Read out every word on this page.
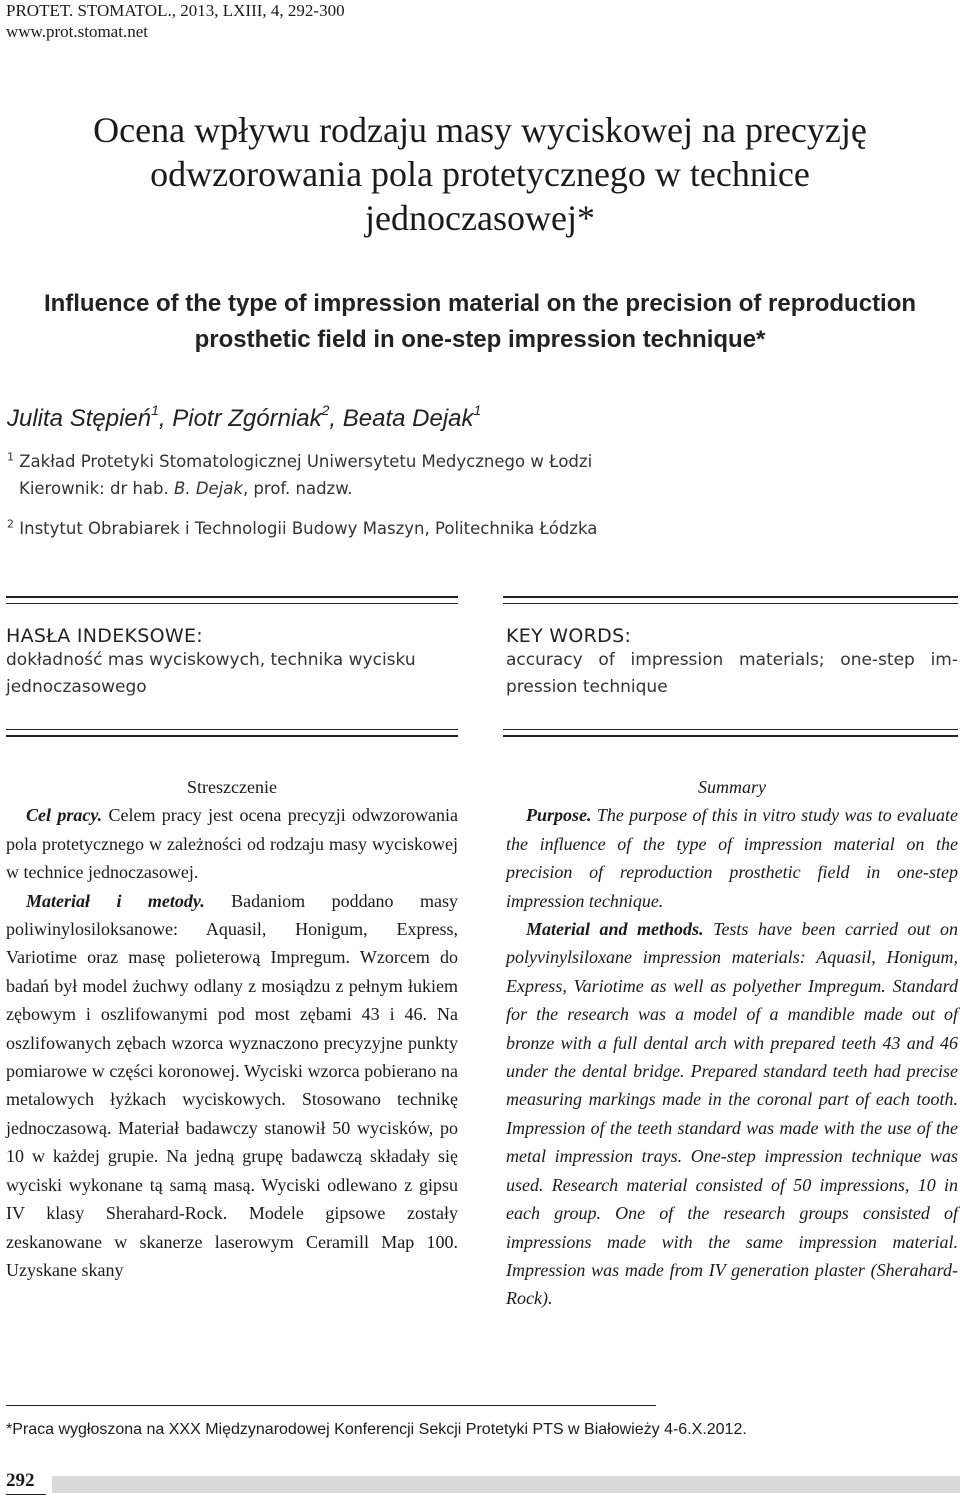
PROTET. STOMATOL., 2013, LXIII, 4, 292-300
www.prot.stomat.net
Ocena wpływu rodzaju masy wyciskowej na precyzję
odwzorowania pola protetycznego w technice
jednoczasowej*
Influence of the type of impression material on the precision of reproduction
prosthetic field in one-step impression technique*
Julita Stępień$^1$, Piotr Zgórniak$^2$, Beata Dejak$^1$
$^1$ Zakład Protetyki Stomatologicznej Uniwersytetu Medycznego w Łodzi
Kierownik: dr hab. B. Dejak, prof. nadzw.
$^2$ Instytut Obrabiarek i Technologii Budowy Maszyn, Politechnika Łódzka
HASŁA INDEKSOWE:
dokładność mas wyciskowych, technika wycisku
jednoczasowego
KEY WORDS:
accuracy of impression materials; one-step im-
pression technique

Streszczenie

Cel pracy. Celem pracy jest ocena precyzji odwzorowania pola protetycznego w zależności od rodzaju masy wyciskowej w technice jednoczasowej.

Materiał i metody. Badaniom poddano masy poliwinylosiloksanowe: Aquasil, Honigum, Express, Variotime oraz masę polieterową Impregum. Wzorcem do badań był model żuchwy odlany z mosiądzu z pełnym łukiem zębowym i oszlifowanymi pod most zębami 43 i 46. Na oszlifowanych zębach wzorca wyznaczono precyzyjne punkty pomiarowe w części koronowej. Wyciski wzorca pobierano na metalowych łyżkach wyciskowych. Stosowano technikę jednoczasową. Materiał badawczy stanowił 50 wycisków, po 10 w każdej grupie. Na jedną grupę badawczą składały się wyciski wykonane tą samą masą. Wyciski odlewano z gipsu IV klasy Sherahard-Rock. Modele gipsowe zostały zeskanowane w skanerze laserowym Ceramill Map 100. Uzyskane skany

Summary

Purpose. The purpose of this in vitro study was to evaluate the influence of the type of impression material on the precision of reproduction prosthetic field in one-step impression technique.

Material and methods. Tests have been carried out on polyvinylsiloxane impression materials: Aquasil, Honigum, Express, Variotime as well as polyether Impregum. Standard for the research was a model of a mandible made out of bronze with a full dental arch with prepared teeth 43 and 46 under the dental bridge. Prepared standard teeth had precise measuring markings made in the coronal part of each tooth. Impression of the teeth standard was made with the use of the metal impression trays. One-step impression technique was used. Research material consisted of 50 impressions, 10 in each group. One of the research groups consisted of impressions made with the same impression material. Impression was made from IV generation plaster (Sherahard-Rock).

*Praca wygłoszona na XXX Międzynarodowej Konferencji Sekcji Protetyki PTS w Białowieży 4-6.X.2012.
292
